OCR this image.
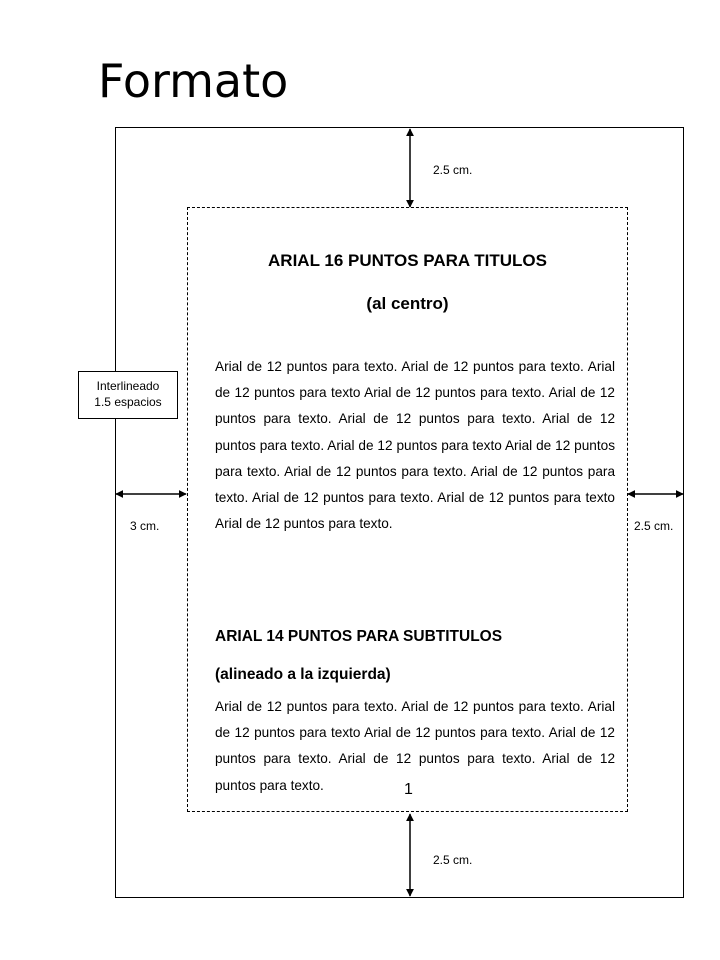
Formato
ARIAL 16 PUNTOS PARA TITULOS
(al centro)
Arial de 12 puntos para texto. Arial de 12 puntos para texto. Arial de 12 puntos para texto Arial de 12 puntos para texto. Arial de 12 puntos para texto. Arial de 12 puntos para texto. Arial de 12 puntos para texto. Arial de 12 puntos para texto Arial de 12 puntos para texto. Arial de 12 puntos para texto. Arial de 12 puntos para texto. Arial de 12 puntos para texto. Arial de 12 puntos para texto Arial de 12 puntos para texto.
ARIAL 14 PUNTOS PARA SUBTITULOS
(alineado a la izquierda)
Arial de 12 puntos para texto. Arial de 12 puntos para texto. Arial de 12 puntos para texto Arial de 12 puntos para texto. Arial de 12 puntos para texto. Arial de 12 puntos para texto. Arial de 12 puntos para texto.	1
2.5 cm.
2.5 cm.
3 cm.	2.5 cm.
Interlineado
1.5 espacios
